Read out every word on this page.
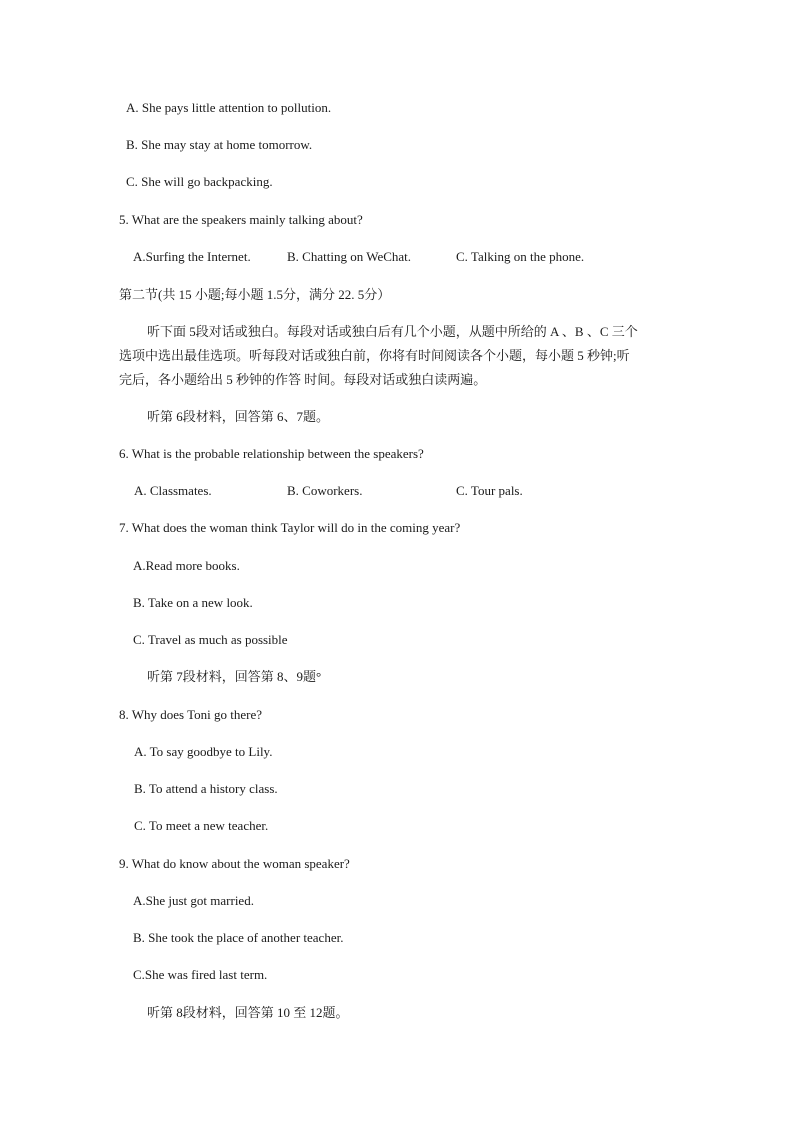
A. She pays little attention to pollution.
B. She may stay at home tomorrow.
C. She will go backpacking.
5. What are the speakers mainly talking about?
A.Surfing the Internet.	B. Chatting on WeChat.	C. Talking on the phone.
第二节(共 15 小题;每小题 1.5分，满分 22. 5分）
听下面 5段对话或独白。每段对话或独白后有几个小题，从题中所给的 A 、B 、C 三个
选项中选出最佳选项。听每段对话或独白前，你将有时间阅读各个小题，每小题 5 秒钟;听
完后，各小题给出 5 秒钟的作答 时间。每段对话或独白读两遍。
听第 6段材料，回答第 6、7题。
6. What is the probable relationship between the speakers?
A. Classmates.	B. Coworkers.	C. Tour pals.
7. What does the woman think Taylor will do in the coming year?
A.Read more books.
B. Take on a new look.
C. Travel as much as possible
听第 7段材料，回答第 8、9题°
8. Why does Toni go there?
A. To say goodbye to Lily.
B. To attend a history class.
C. To meet a new teacher.
9. What do know about the woman speaker?
A.She just got married.
B. She took the place of another teacher.
C.She was fired last term.
听第 8段材料，回答第 10 至 12题。
